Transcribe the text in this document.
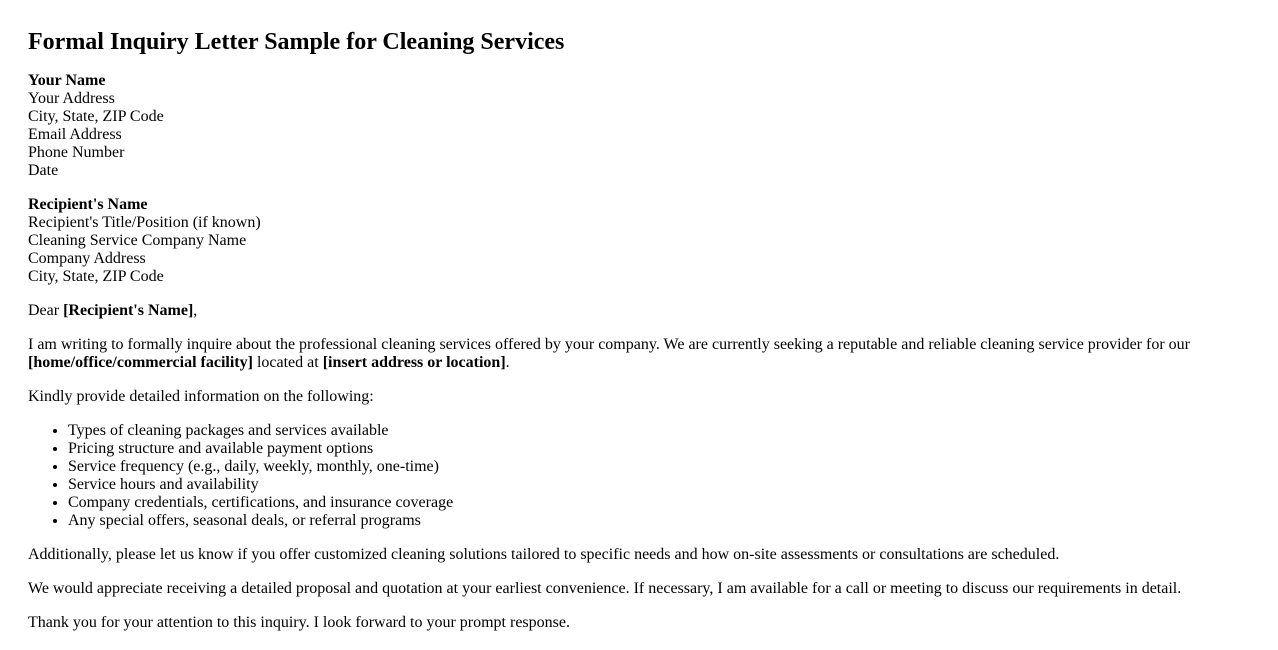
Formal Inquiry Letter Sample for Cleaning Services
Your Name
Your Address
City, State, ZIP Code
Email Address
Phone Number
Date
Recipient's Name
Recipient's Title/Position (if known)
Cleaning Service Company Name
Company Address
City, State, ZIP Code

Dear [Recipient's Name],

I am writing to formally inquire about the professional cleaning services offered by your company. We are currently seeking a reputable and reliable cleaning service provider for our [home/office/commercial facility] located at [insert address or location].

Kindly provide detailed information on the following:

• Types of cleaning packages and services available
• Pricing structure and available payment options
• Service frequency (e.g., daily, weekly, monthly, one-time)
• Service hours and availability
• Company credentials, certifications, and insurance coverage
• Any special offers, seasonal deals, or referral programs

Additionally, please let us know if you offer customized cleaning solutions tailored to specific needs and how on-site assessments or consultations are scheduled.

We would appreciate receiving a detailed proposal and quotation at your earliest convenience. If necessary, I am available for a call or meeting to discuss our requirements in detail.

Thank you for your attention to this inquiry. I look forward to your prompt response.
